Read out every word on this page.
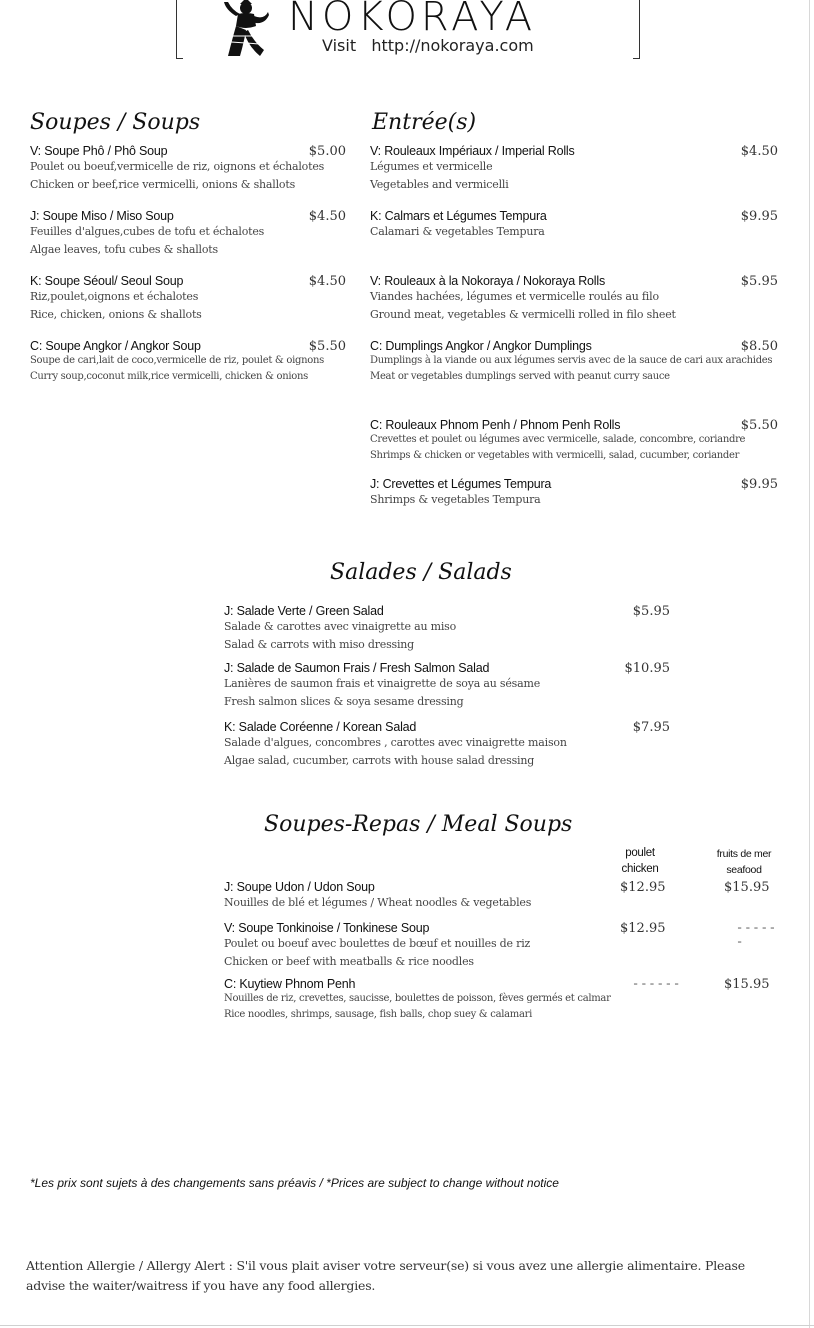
NOKORAYA
Visit   http://nokoraya.com
Soupes / Soups
V: Soupe Phô / Phô Soup	$5.00
Poulet ou boeuf,vermicelle de riz, oignons et échalotes
Chicken or beef,rice vermicelli, onions & shallots
J: Soupe Miso / Miso Soup	$4.50
Feuilles d'algues,cubes de tofu et échalotes
Algae leaves, tofu cubes & shallots
K: Soupe Séoul/ Seoul Soup	$4.50
Riz,poulet,oignons et échalotes
Rice, chicken, onions & shallots
C: Soupe Angkor / Angkor Soup	$5.50
Soupe de cari,lait de coco,vermicelle de riz, poulet & oignons
Curry soup,coconut milk,rice vermicelli, chicken & onions
Entrée(s)
V: Rouleaux Impériaux / Imperial Rolls	$4.50
Légumes et vermicelle
Vegetables and vermicelli
K: Calmars et Légumes Tempura	$9.95
Calamari & vegetables Tempura
V: Rouleaux à la Nokoraya / Nokoraya Rolls	$5.95
Viandes hachées, légumes et vermicelle roulés au filo
Ground meat, vegetables & vermicelli rolled in filo sheet
C: Dumplings Angkor / Angkor Dumplings	$8.50
Dumplings à la viande ou aux légumes servis avec de la sauce de cari aux arachides
Meat or vegetables dumplings served with peanut curry sauce
C: Rouleaux Phnom Penh / Phnom Penh Rolls	$5.50
Crevettes et poulet ou légumes avec vermicelle, salade, concombre, coriandre
Shrimps & chicken or vegetables with vermicelli, salad, cucumber, coriander
J: Crevettes et Légumes Tempura	$9.95
Shrimps & vegetables Tempura
Salades / Salads
J: Salade Verte / Green Salad	$5.95
Salade & carottes avec vinaigrette au miso
Salad & carrots with miso dressing
J: Salade de Saumon Frais / Fresh Salmon Salad	$10.95
Lanières de saumon frais et vinaigrette de soya au sésame
Fresh salmon slices & soya sesame dressing
K: Salade Coréenne / Korean Salad	$7.95
Salade d'algues, concombres , carottes avec vinaigrette maison
Algae salad, cucumber, carrots with house salad dressing
Soupes-Repas / Meal Soups
poulet
chicken
fruits de mer
seafood
J: Soupe Udon / Udon Soup	$12.95	$15.95
Nouilles de blé et légumes / Wheat noodles & vegetables
V: Soupe Tonkinoise / Tonkinese Soup	$12.95	------
Poulet ou boeuf avec boulettes de bœuf et nouilles de riz
Chicken or beef with meatballs & rice noodles
C: Kuytiew Phnom Penh	------	$15.95
Nouilles de riz, crevettes, saucisse, boulettes de poisson, fèves germés et calmar
Rice noodles, shrimps, sausage, fish balls, chop suey & calamari
*Les prix sont sujets à des changements sans préavis / *Prices are subject to change without notice
Attention Allergie / Allergy Alert : S'il vous plait aviser votre serveur(se) si vous avez une allergie alimentaire. Please advise the waiter/waitress if you have any food allergies.
